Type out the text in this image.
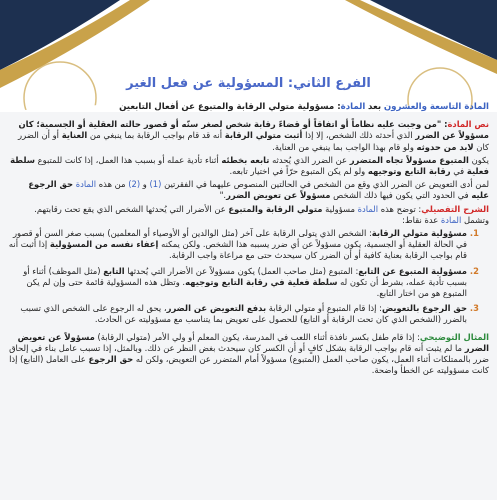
الفرع الثاني: المسؤولية عن فعل الغير

المادة التاسعة والعشرون بعد المادة: مسؤولية متولي الرقابة والمتبوع عن أفعال التابعين

نص المادة: "من وجبت عليه نظاماً أو اتفاقاً أو قضاءً رقابة شخص لصغر سنّه أو قصور حالته العقلية أو الجسمية؛ كان مسؤولاً عن الضرر الذي أحدثه ذلك الشخص، إلا إذا أثبت متولي الرقابة أنه قد قام بواجب الرقابة بما ينبغي من العناية أو أن الضرر كان لابد من حدوثه ولو قام بهذا الواجب بما ينبغي من العناية.

يكون المتبوع مسؤولاً تجاه المتضرر عن الضرر الذي يُحدثه تابعه بخطئه أثناء تأدية عمله أو بسبب هذا العمل، إذا كانت للمتبوع سلطة فعلية في رقابة التابع وتوجيهه ولو لم يكن المتبوع حرّاً في اختيار تابعه.

لمن أدى التعويض عن الضرر الذي وقع من الشخص في الحالتين المنصوص عليهما في الفقرتين (1) و (2) من هذه المادة حق الرجوع عليه في الحدود التي يكون فيها ذلك الشخص مسؤولاً عن تعويض الضرر."

الشرح التفصيلي: توضح هذه المادة مسؤولية متولي الرقابة والمتبوع عن الأضرار التي يُحدثها الشخص الذي يقع تحت رقابتهم. وتشمل المادة عدة نقاط:

1. مسؤولية متولي الرقابة: الشخص الذي يتولى الرقابة على آخر (مثل الوالدين أو الأوصياء أو المعلمين) بسبب صغر السن أو قصور في الحالة العقلية أو الجسمية، يكون مسؤولاً عن أي ضرر يسببه هذا الشخص. ولكن يمكنه إعفاء نفسه من المسؤولية إذا أثبت أنه قام بواجب الرقابة بعناية كافية أو أن الضرر كان سيحدث حتى مع مراعاة واجب الرقابة.
2. مسؤولية المتبوع عن التابع: المتبوع (مثل صاحب العمل) يكون مسؤولاً عن الأضرار التي يُحدثها التابع (مثل الموظف) أثناء أو بسبب تأدية عمله، بشرط أن تكون له سلطة فعلية في رقابة التابع وتوجيهه. وتظل هذه المسؤولية قائمة حتى وإن لم يكن المتبوع هو من اختار التابع.
3. حق الرجوع بالتعويض: إذا قام المتبوع أو متولي الرقابة بدفع التعويض عن الضرر، يحق له الرجوع على الشخص الذي تسبب بالضرر (الشخص الذي كان تحت الرقابة أو التابع) للحصول على تعويض بما يتناسب مع مسؤوليته عن الحادث.

المثال التوضيحي: إذا قام طفل بكسر نافذة أثناء اللعب في المدرسة، يكون المعلم أو ولي الأمر (متولي الرقابة) مسؤولاً عن تعويض الضرر ما لم يثبت أنه قام بواجب الرقابة بشكل كافٍ أو أن الكسر كان سيحدث بغض النظر عن ذلك. وبالمثل، إذا تسبب عامل بناء في إلحاق ضرر بالممتلكات أثناء العمل، يكون صاحب العمل (المتبوع) مسؤولاً أمام المتضرر عن التعويض، ولكن له حق الرجوع على العامل (التابع) إذا كانت مسؤوليته عن الخطأ واضحة.
